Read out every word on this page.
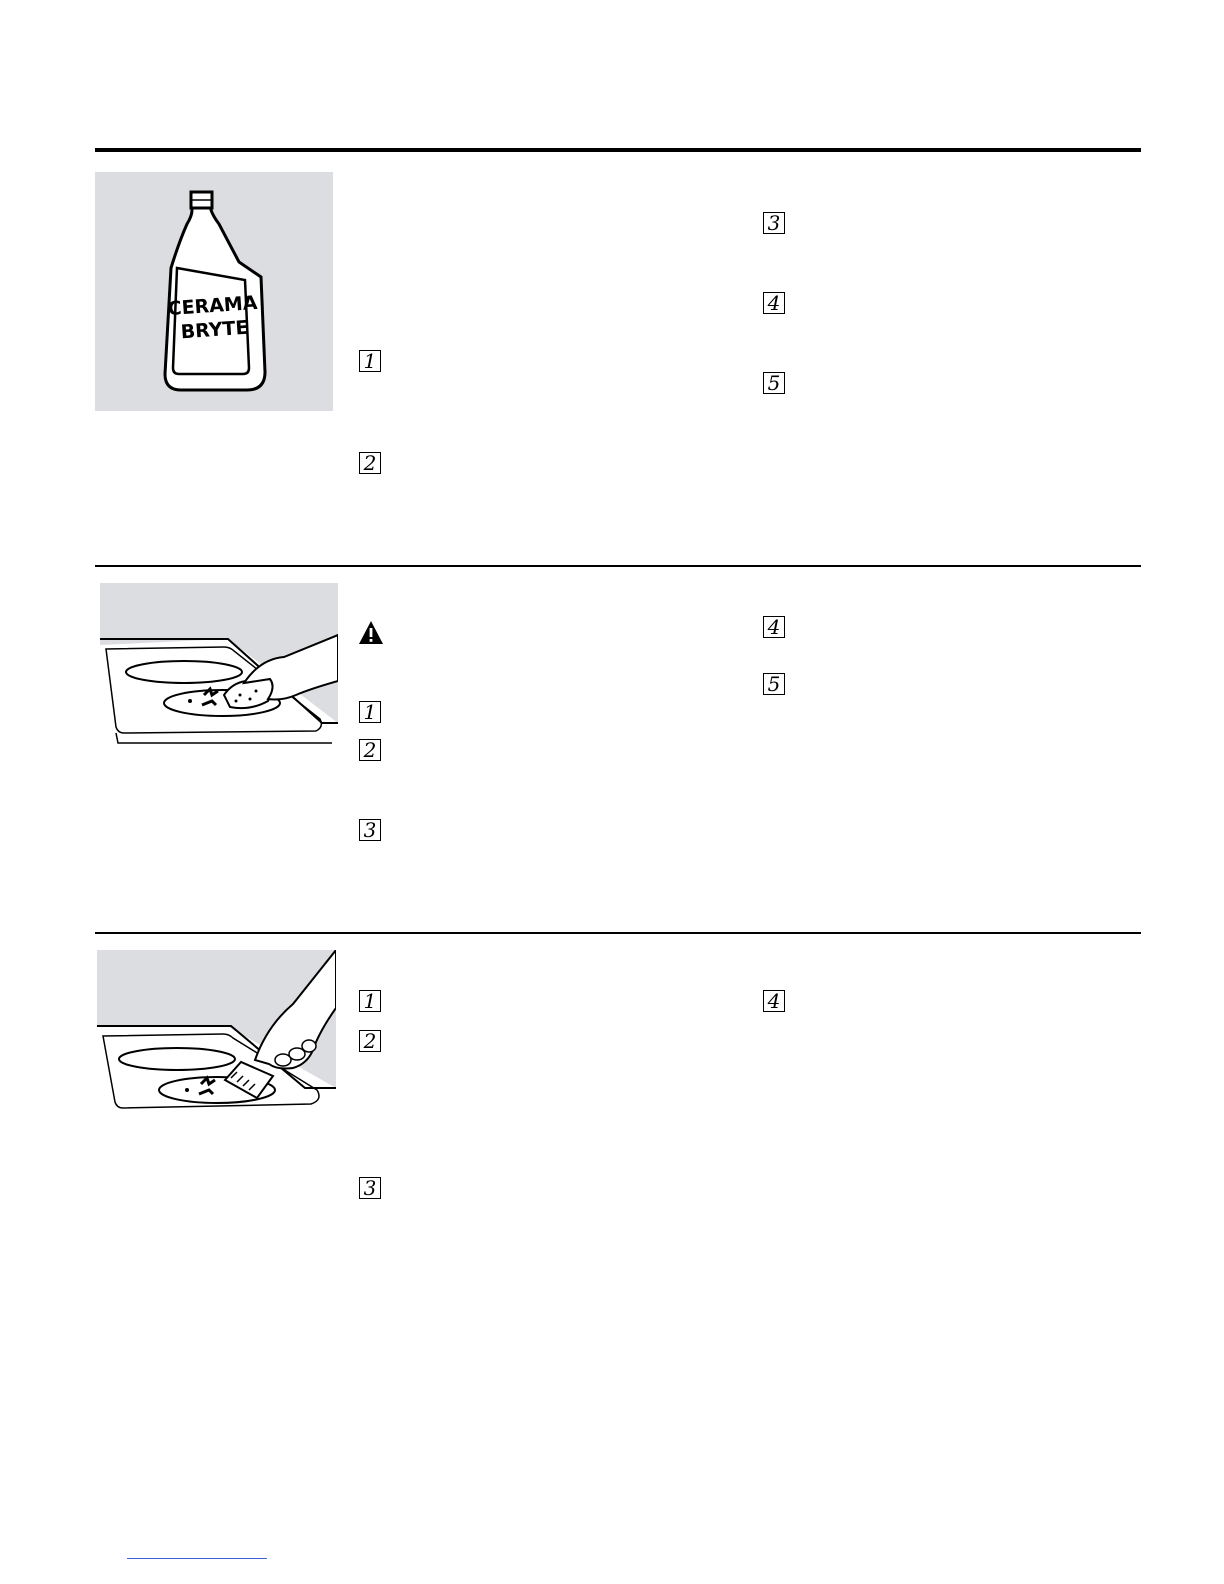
CERAMA
BRYTE
1
2
3
4
5
1
2
3
4
5
1
2
3
4
